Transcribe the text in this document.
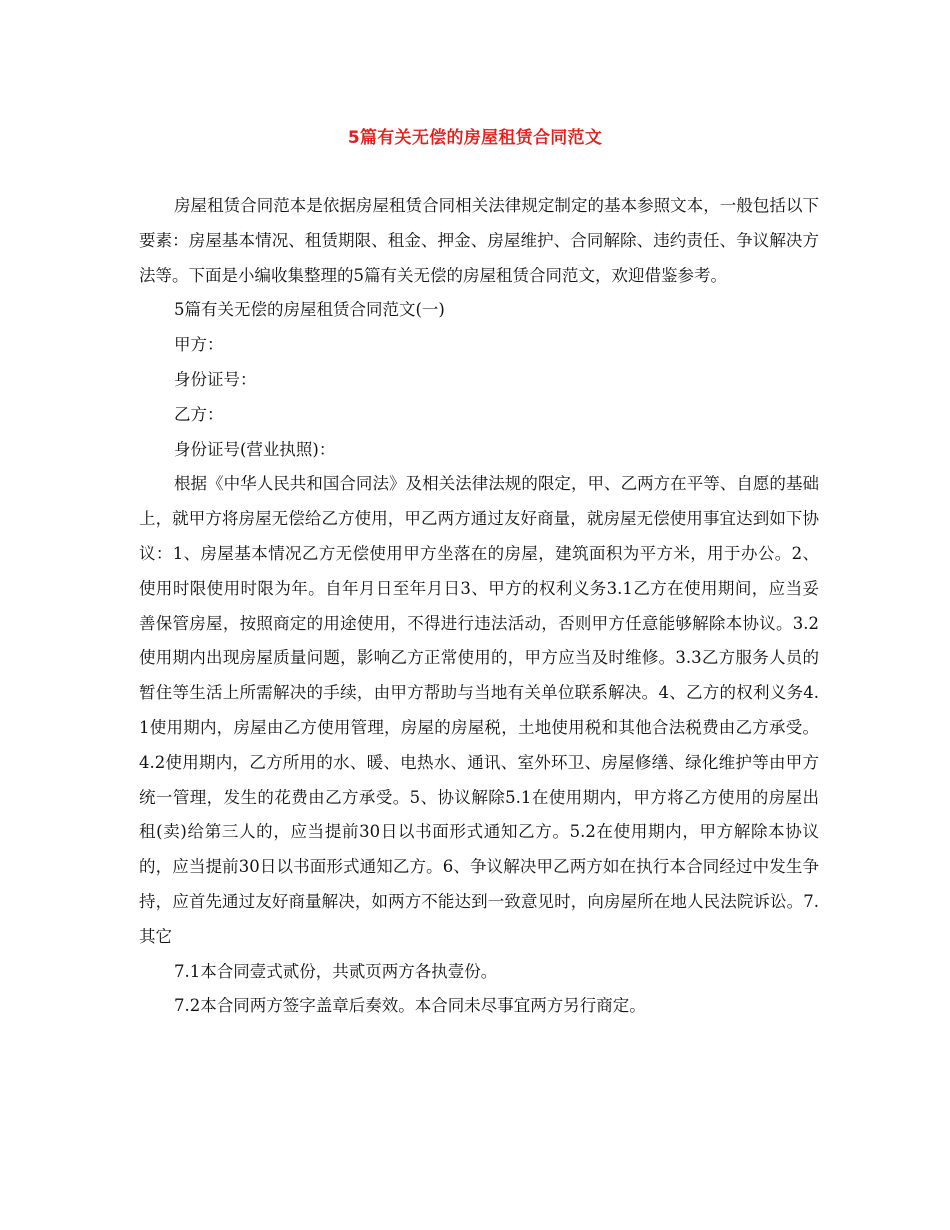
5篇有关无偿的房屋租赁合同范文

房屋租赁合同范本是依据房屋租赁合同相关法律规定制定的基本参照文本，一般包括以下要素：房屋基本情况、租赁期限、租金、押金、房屋维护、合同解除、违约责任、争议解决方法等。下面是小编收集整理的5篇有关无偿的房屋租赁合同范文，欢迎借鉴参考。

5篇有关无偿的房屋租赁合同范文(一)

甲方：

身份证号：

乙方：

身份证号(营业执照)：

根据《中华人民共和国合同法》及相关法律法规的限定，甲、乙两方在平等、自愿的基础上，就甲方将房屋无偿给乙方使用，甲乙两方通过友好商量，就房屋无偿使用事宜达到如下协议：1、房屋基本情况乙方无偿使用甲方坐落在的房屋，建筑面积为平方米，用于办公。2、使用时限使用时限为年。自年月日至年月日3、甲方的权利义务3.1乙方在使用期间，应当妥善保管房屋，按照商定的用途使用，不得进行违法活动，否则甲方任意能够解除本协议。3.2使用期内出现房屋质量问题，影响乙方正常使用的，甲方应当及时维修。3.3乙方服务人员的暂住等生活上所需解决的手续，由甲方帮助与当地有关单位联系解决。4、乙方的权利义务4.1使用期内，房屋由乙方使用管理，房屋的房屋税，土地使用税和其他合法税费由乙方承受。4.2使用期内，乙方所用的水、暖、电热水、通讯、室外环卫、房屋修缮、绿化维护等由甲方统一管理，发生的花费由乙方承受。5、协议解除5.1在使用期内，甲方将乙方使用的房屋出租(卖)给第三人的，应当提前30日以书面形式通知乙方。5.2在使用期内，甲方解除本协议的，应当提前30日以书面形式通知乙方。6、争议解决甲乙两方如在执行本合同经过中发生争持，应首先通过友好商量解决，如两方不能达到一致意见时，向房屋所在地人民法院诉讼。7.其它

7.1本合同壹式贰份，共贰页两方各执壹份。

7.2本合同两方签字盖章后奏效。本合同未尽事宜两方另行商定。
